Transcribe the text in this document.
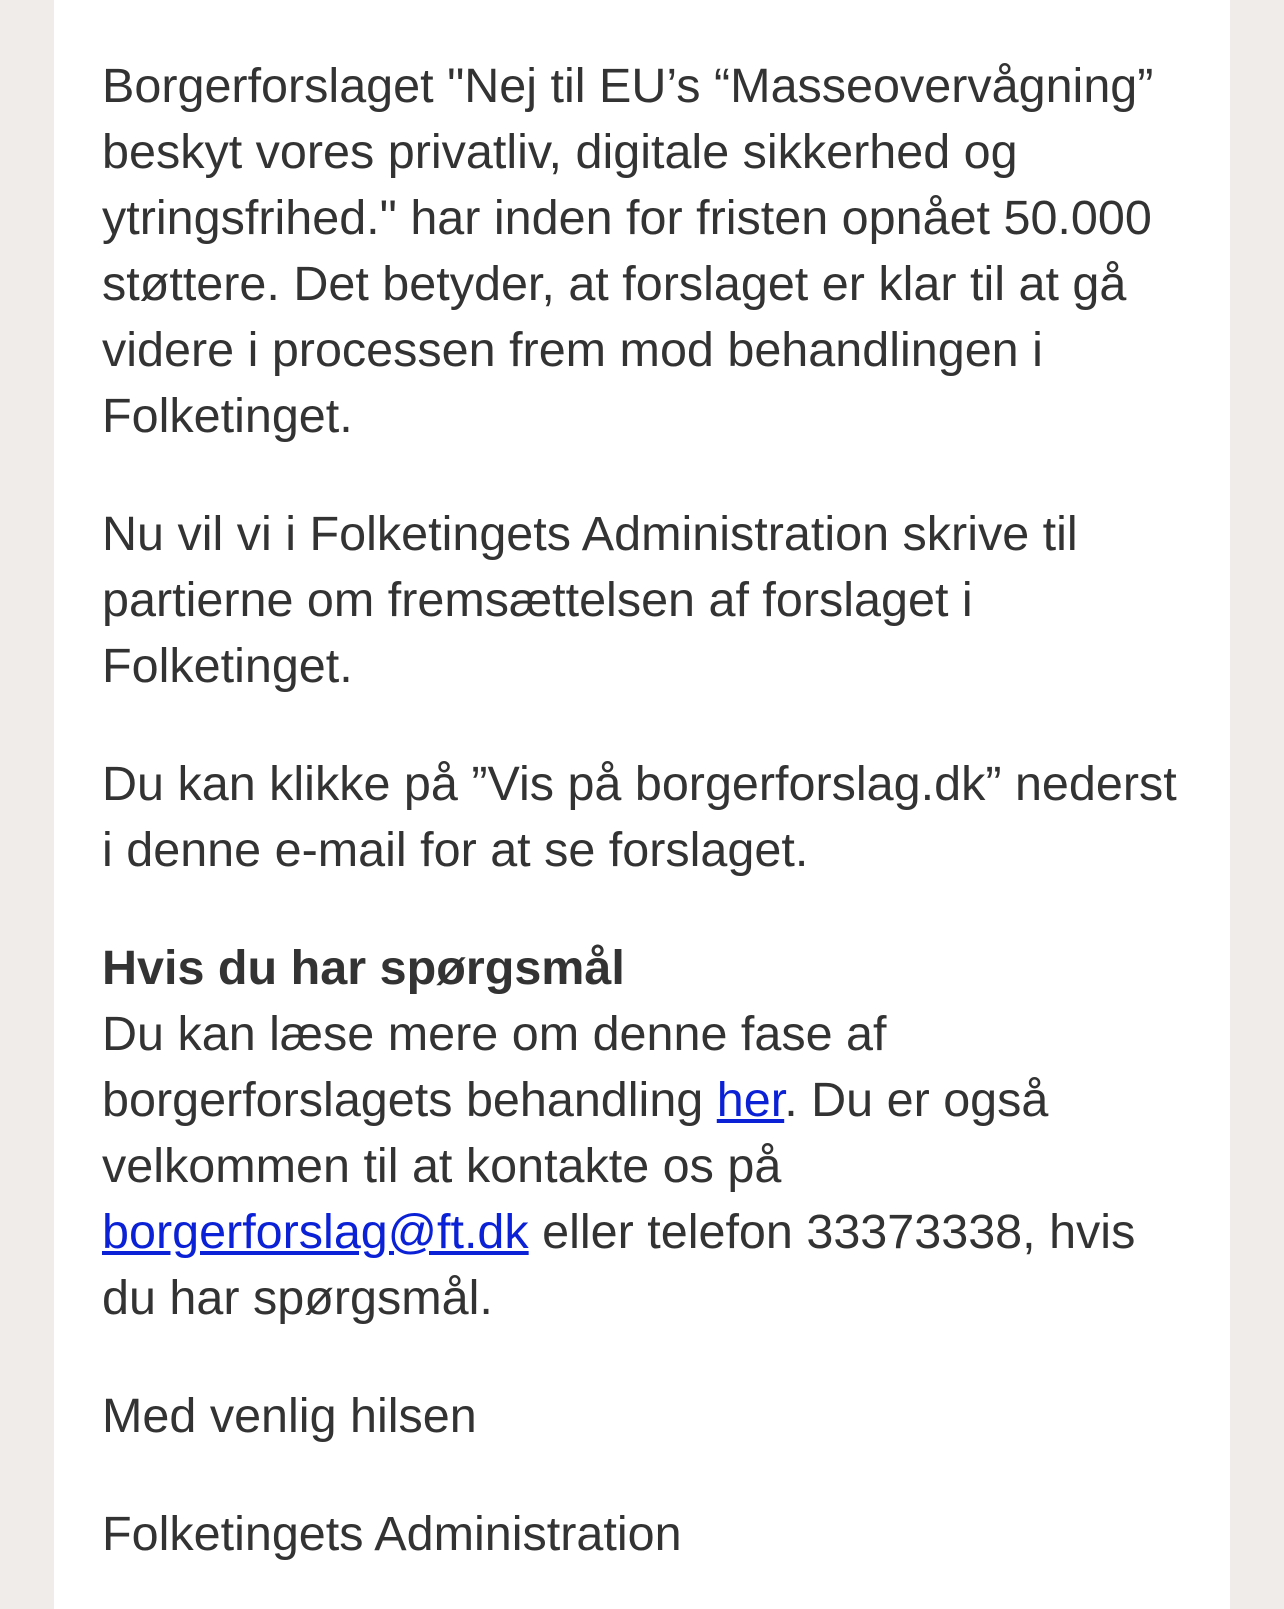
Borgerforslaget "Nej til EU’s “Masseovervågning” beskyt vores privatliv, digitale sikkerhed og ytringsfrihed." har inden for fristen opnået 50.000 støttere. Det betyder, at forslaget er klar til at gå videre i processen frem mod behandlingen i Folketinget.

Nu vil vi i Folketingets Administration skrive til partierne om fremsættelsen af forslaget i Folketinget.

Du kan klikke på ”Vis på borgerforslag.dk” nederst i denne e-mail for at se forslaget.

Hvis du har spørgsmål

Du kan læse mere om denne fase af borgerforslagets behandling her. Du er også velkommen til at kontakte os på borgerforslag@ft.dk eller telefon 33373338, hvis du har spørgsmål.

Med venlig hilsen

Folketingets Administration
